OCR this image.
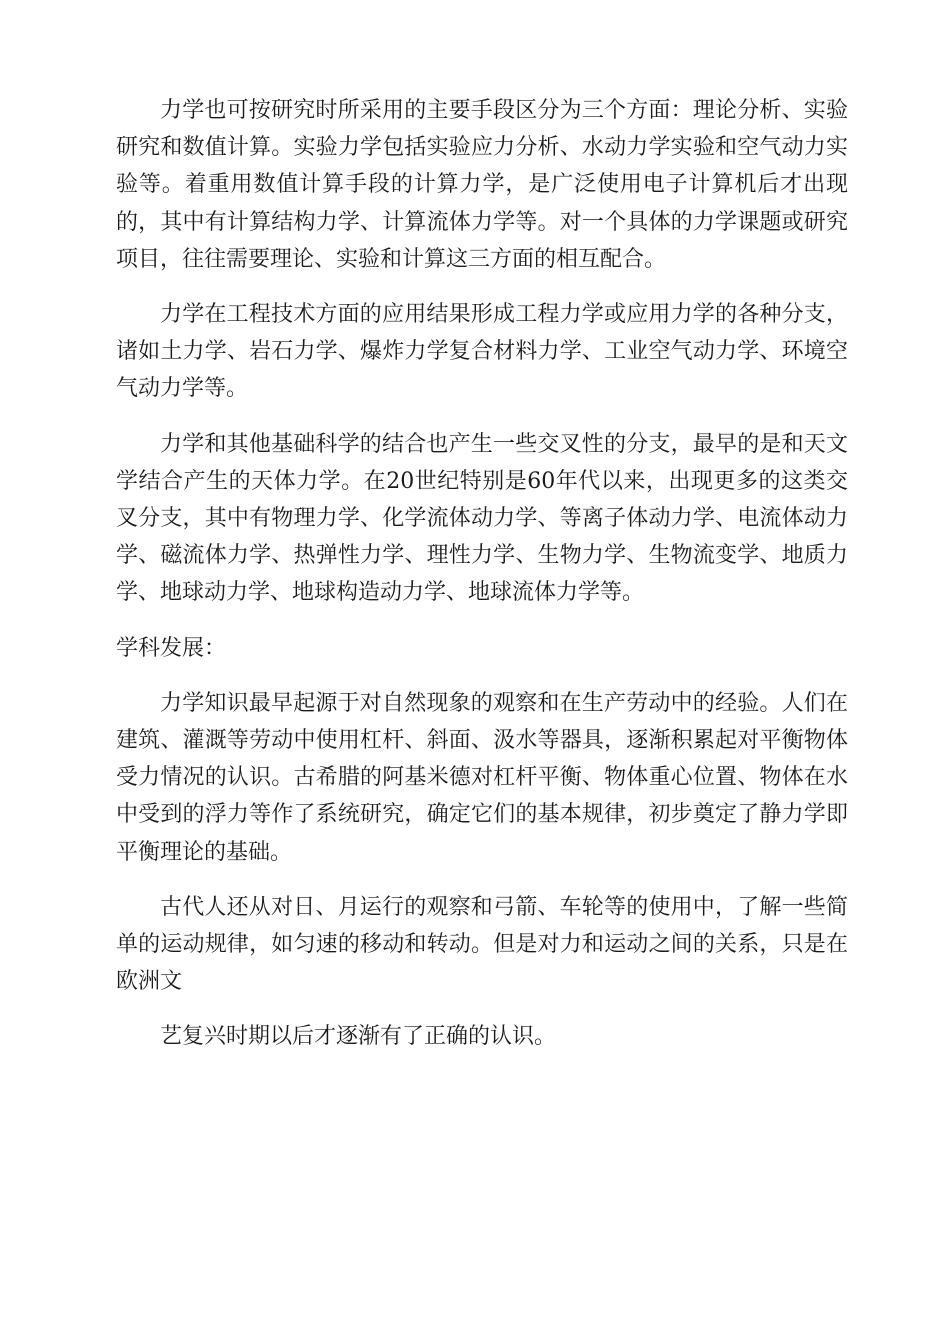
力学也可按研究时所采用的主要手段区分为三个方面：理论分析、实验研究和数值计算。实验力学包括实验应力分析、水动力学实验和空气动力实验等。着重用数值计算手段的计算力学，是广泛使用电子计算机后才出现的，其中有计算结构力学、计算流体力学等。对一个具体的力学课题或研究项目，往往需要理论、实验和计算这三方面的相互配合。

力学在工程技术方面的应用结果形成工程力学或应用力学的各种分支，诸如土力学、岩石力学、爆炸力学复合材料力学、工业空气动力学、环境空气动力学等。

力学和其他基础科学的结合也产生一些交叉性的分支，最早的是和天文学结合产生的天体力学。在20世纪特别是60年代以来，出现更多的这类交叉分支，其中有物理力学、化学流体动力学、等离子体动力学、电流体动力学、磁流体力学、热弹性力学、理性力学、生物力学、生物流变学、地质力学、地球动力学、地球构造动力学、地球流体力学等。

学科发展：

力学知识最早起源于对自然现象的观察和在生产劳动中的经验。人们在建筑、灌溉等劳动中使用杠杆、斜面、汲水等器具，逐渐积累起对平衡物体受力情况的认识。古希腊的阿基米德对杠杆平衡、物体重心位置、物体在水中受到的浮力等作了系统研究，确定它们的基本规律，初步奠定了静力学即平衡理论的基础。

古代人还从对日、月运行的观察和弓箭、车轮等的使用中，了解一些简单的运动规律，如匀速的移动和转动。但是对力和运动之间的关系，只是在欧洲文

艺复兴时期以后才逐渐有了正确的认识。
